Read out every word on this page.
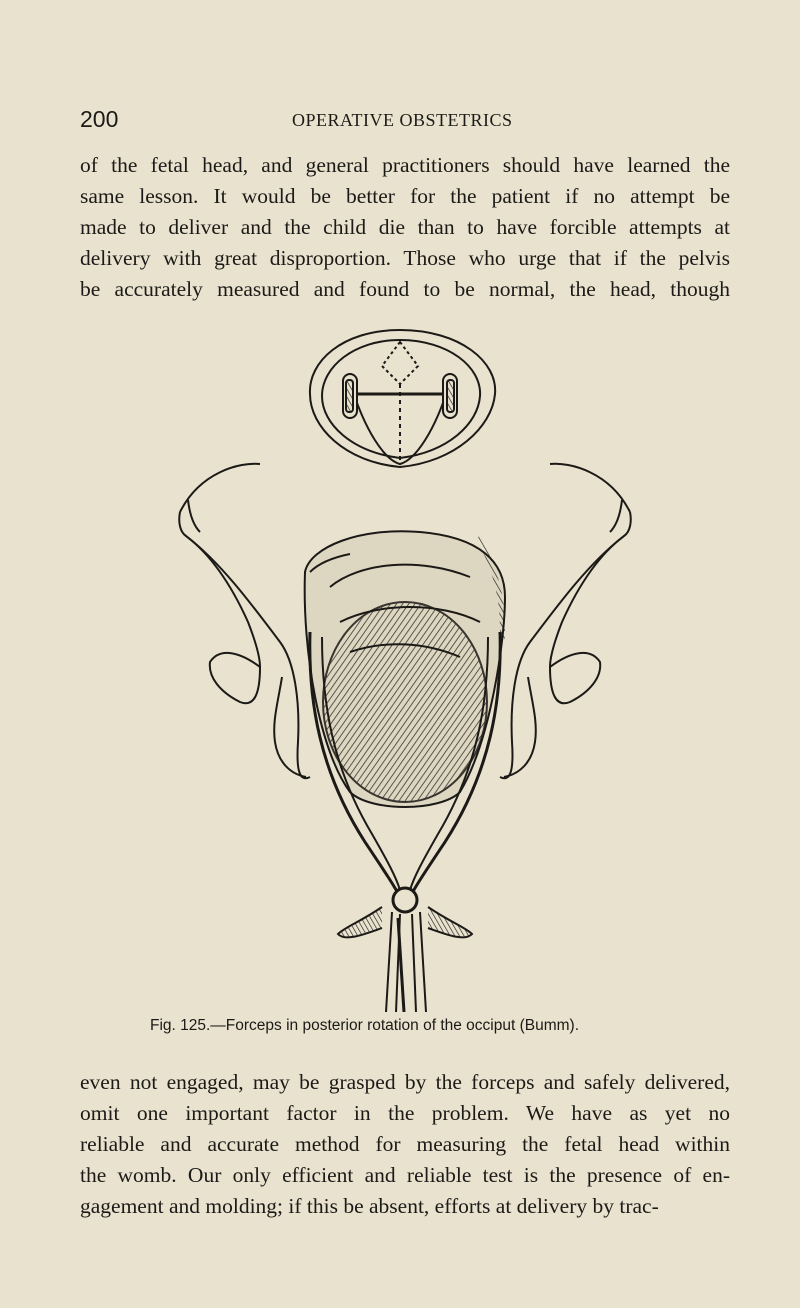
200	OPERATIVE OBSTETRICS
of the fetal head, and general practitioners should have learned the
same lesson. It would be better for the patient if no attempt be
made to deliver and the child die than to have forcible attempts at
delivery with great disproportion. Those who urge that if the pelvis
be accurately measured and found to be normal, the head, though
Fig. 125.—Forceps in posterior rotation of the occiput (Bumm).
even not engaged, may be grasped by the forceps and safely delivered,
omit one important factor in the problem. We have as yet no
reliable and accurate method for measuring the fetal head within
the womb. Our only efficient and reliable test is the presence of en-
gagement and molding; if this be absent, efforts at delivery by trac-
